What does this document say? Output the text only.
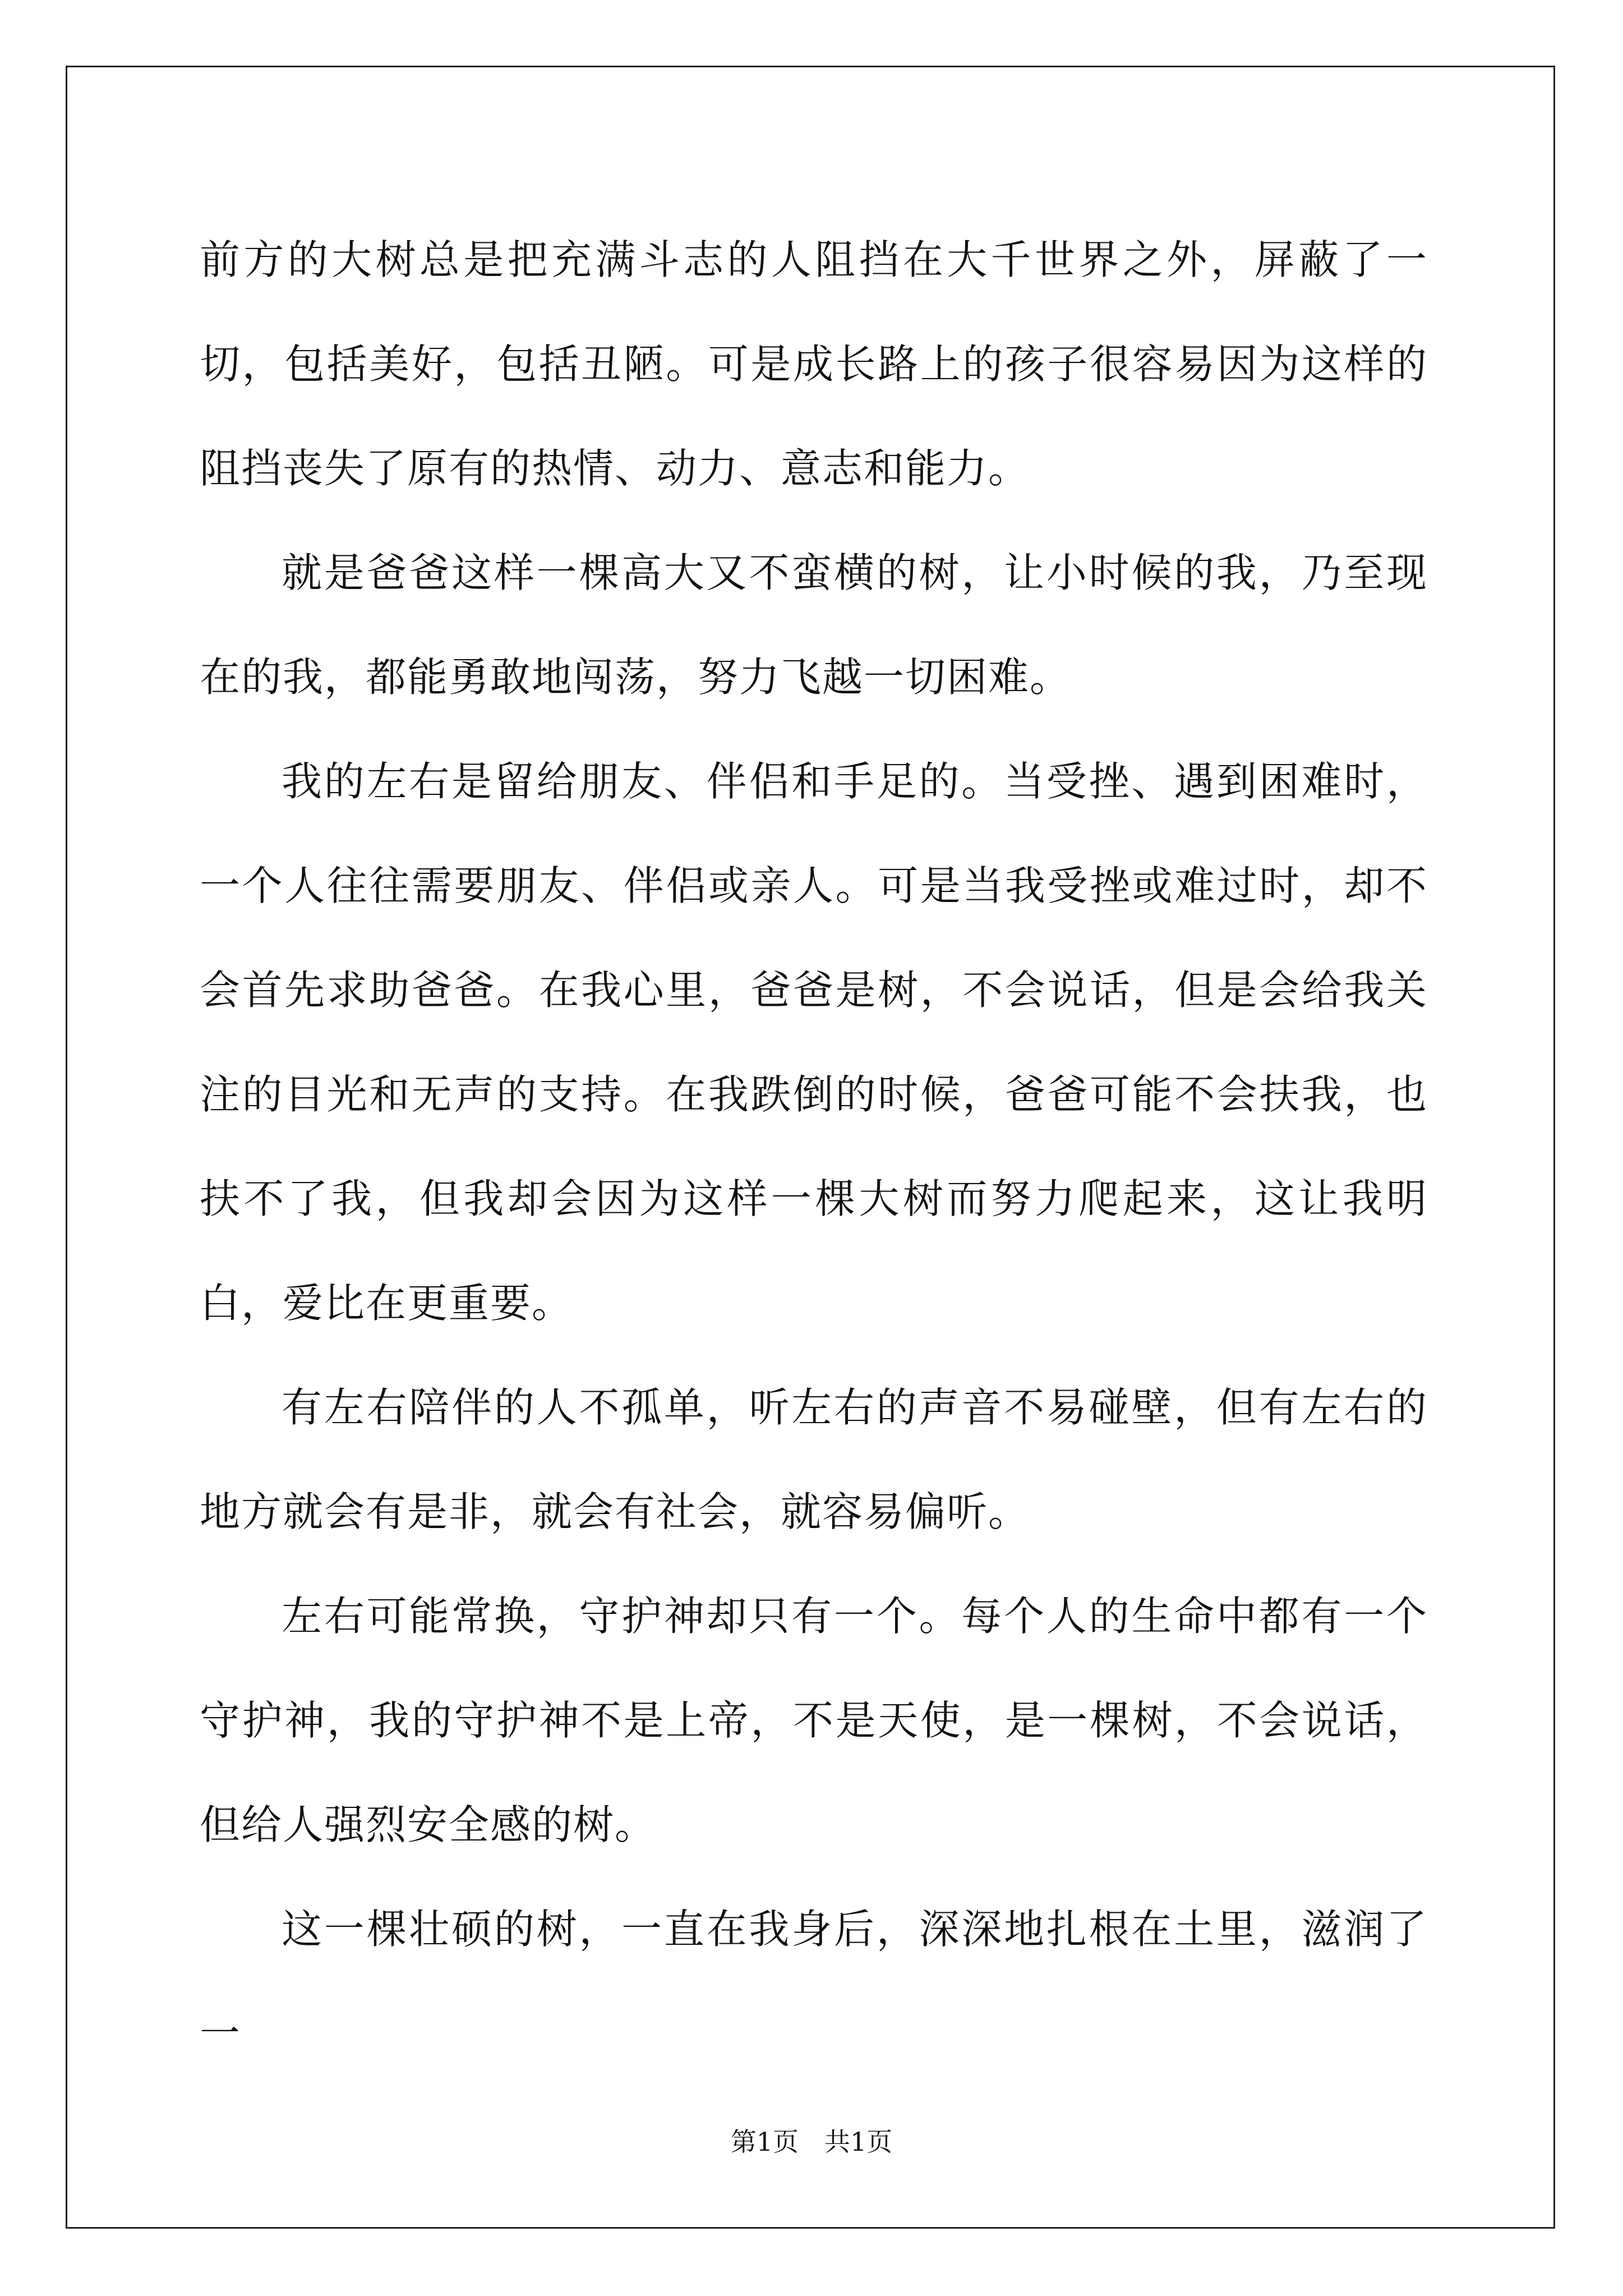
前方的大树总是把充满斗志的人阻挡在大千世界之外，屏蔽了一切，包括美好，包括丑陋。可是成长路上的孩子很容易因为这样的阻挡丧失了原有的热情、动力、意志和能力。

就是爸爸这样一棵高大又不蛮横的树，让小时候的我，乃至现在的我，都能勇敢地闯荡，努力飞越一切困难。

我的左右是留给朋友、伴侣和手足的。当受挫、遇到困难时，一个人往往需要朋友、伴侣或亲人。可是当我受挫或难过时，却不会首先求助爸爸。在我心里，爸爸是树，不会说话，但是会给我关注的目光和无声的支持。在我跌倒的时候，爸爸可能不会扶我，也扶不了我，但我却会因为这样一棵大树而努力爬起来，这让我明白，爱比在更重要。

有左右陪伴的人不孤单，听左右的声音不易碰壁，但有左右的地方就会有是非，就会有社会，就容易偏听。

左右可能常换，守护神却只有一个。每个人的生命中都有一个守护神，我的守护神不是上帝，不是天使，是一棵树，不会说话，但给人强烈安全感的树。

这一棵壮硕的树，一直在我身后，深深地扎根在土里，滋润了一

第1页　共1页
